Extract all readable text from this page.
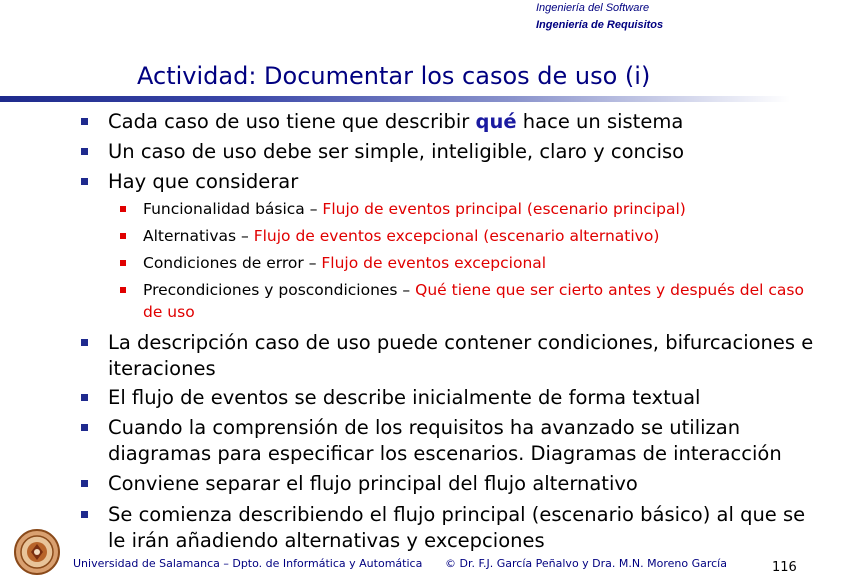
Ingeniería del Software
Ingeniería de Requisitos
Actividad: Documentar los casos de uso (i)
Cada caso de uso tiene que describir qué hace un sistema
Un caso de uso debe ser simple, inteligible, claro y conciso
Hay que considerar
Funcionalidad básica – Flujo de eventos principal (escenario principal)
Alternativas – Flujo de eventos excepcional (escenario alternativo)
Condiciones de error – Flujo de eventos excepcional
Precondiciones y poscondiciones – Qué tiene que ser cierto antes y después del caso de uso
La descripción caso de uso puede contener condiciones, bifurcaciones e iteraciones
El flujo de eventos se describe inicialmente de forma textual
Cuando la comprensión de los requisitos ha avanzado se utilizan diagramas para especificar los escenarios. Diagramas de interacción
Conviene separar el flujo principal del flujo alternativo
Se comienza describiendo el flujo principal (escenario básico) al que se le irán añadiendo alternativas y excepciones
Universidad de Salamanca – Dpto. de Informática y Automática © Dr. F.J. García Peñalvo y Dra. M.N. Moreno García	116
